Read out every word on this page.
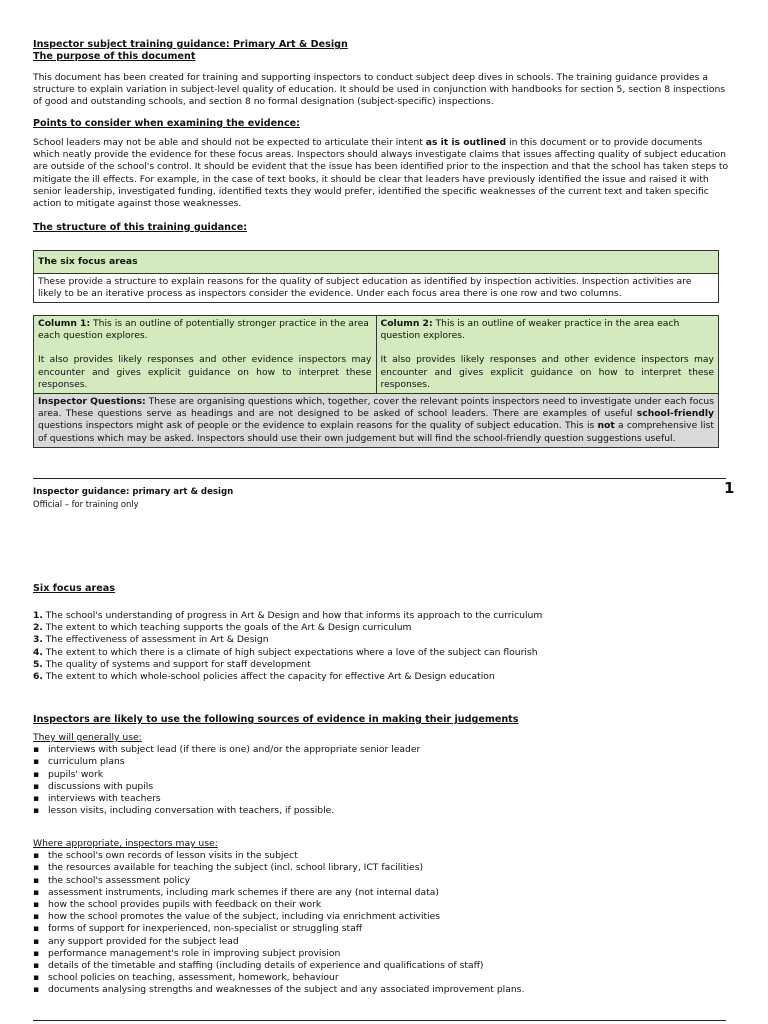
Inspector subject training guidance: Primary Art & Design
The purpose of this document

This document has been created for training and supporting inspectors to conduct subject deep dives in schools. The training guidance provides a structure to explain variation in subject-level quality of education. It should be used in conjunction with handbooks for section 5, section 8 inspections of good and outstanding schools, and section 8 no formal designation (subject-specific) inspections.

Points to consider when examining the evidence:

School leaders may not be able and should not be expected to articulate their intent as it is outlined in this document or to provide documents which neatly provide the evidence for these focus areas. Inspectors should always investigate claims that issues affecting quality of subject education are outside of the school's control. It should be evident that the issue has been identified prior to the inspection and that the school has taken steps to mitigate the ill effects. For example, in the case of text books, it should be clear that leaders have previously identified the issue and raised it with senior leadership, investigated funding, identified texts they would prefer, identified the specific weaknesses of the current text and taken specific action to mitigate against those weaknesses.

The structure of this training guidance:
The six focus areas
These provide a structure to explain reasons for the quality of subject education as identified by inspection activities. Inspection activities are likely to be an iterative process as inspectors consider the evidence. Under each focus area there is one row and two columns.
Column 1: This is an outline of potentially stronger practice in the area each question explores.
It also provides likely responses and other evidence inspectors may encounter and gives explicit guidance on how to interpret these responses.

Column 2: This is an outline of weaker practice in the area each question explores.
It also provides likely responses and other evidence inspectors may encounter and gives explicit guidance on how to interpret these responses.

Inspector Questions: These are organising questions which, together, cover the relevant points inspectors need to investigate under each focus area. These questions serve as headings and are not designed to be asked of school leaders. There are examples of useful school-friendly questions inspectors might ask of people or the evidence to explain reasons for the quality of subject education. This is not a comprehensive list of questions which may be asked. Inspectors should use their own judgement but will find the school-friendly question suggestions useful.
Inspector guidance: primary art & design
Official – for training only
1
Six focus areas
1. The school's understanding of progress in Art & Design and how that informs its approach to the curriculum
2. The extent to which teaching supports the goals of the Art & Design curriculum
3. The effectiveness of assessment in Art & Design
4. The extent to which there is a climate of high subject expectations where a love of the subject can flourish
5. The quality of systems and support for staff development
6. The extent to which whole-school policies affect the capacity for effective Art & Design education
Inspectors are likely to use the following sources of evidence in making their judgements
They will generally use:
▪ interviews with subject lead (if there is one) and/or the appropriate senior leader
▪ curriculum plans
▪ pupils' work
▪ discussions with pupils
▪ interviews with teachers
▪ lesson visits, including conversation with teachers, if possible.
Where appropriate, inspectors may use:
▪ the school's own records of lesson visits in the subject
▪ the resources available for teaching the subject (incl. school library, ICT facilities)
▪ the school's assessment policy
▪ assessment instruments, including mark schemes if there are any (not internal data)
▪ how the school provides pupils with feedback on their work
▪ how the school promotes the value of the subject, including via enrichment activities
▪ forms of support for inexperienced, non-specialist or struggling staff
▪ any support provided for the subject lead
▪ performance management's role in improving subject provision
▪ details of the timetable and staffing (including details of experience and qualifications of staff)
▪ school policies on teaching, assessment, homework, behaviour
▪ documents analysing strengths and weaknesses of the subject and any associated improvement plans.
